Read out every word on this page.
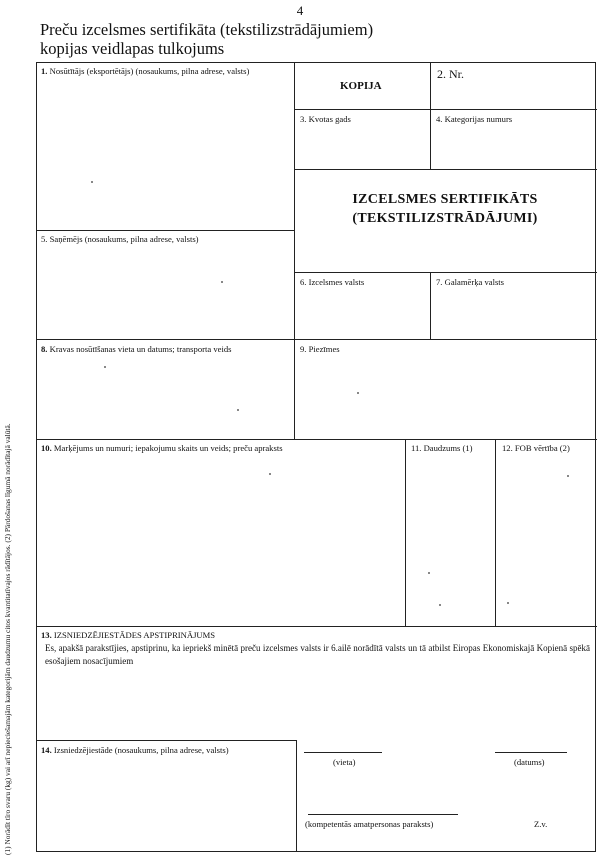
4
Preču izcelsmes sertifikāta (tekstilizstrādājumiem)
kopijas veidlapas tulkojums
1. Nosūtītājs (eksportētājs) (nosaukums, pilna adrese, valsts)
KOPIJA
2. Nr.
3. Kvotas gads	4. Kategorijas numurs
IZCELSMES SERTIFIKĀTS
(TEKSTILIZSTRĀDĀJUMI)
5. Saņēmējs (nosaukums, pilna adrese, valsts)
6. Izcelsmes valsts	7. Galamērķa valsts
8. Kravas nosūtīšanas vieta un datums; transporta veids	9. Piezīmes
10. Marķējums un numuri; iepakojumu skaits un veids; preču apraksts	11. Daudzums (1)	12. FOB vērtība (2)
13. IZSNIEDZĒJIESTĀDES APSTIPRINĀJUMS
Es, apakšā parakstījies, apstiprinu, ka iepriekš minētā preču izcelsmes valsts ir 6.ailē norādītā valsts un tā atbilst Eiropas Ekonomiskajā Kopienā spēkā esošajiem nosacījumiem
14. Izsniedzējiestāde (nosaukums, pilna adrese, valsts)
(vieta)	(datums)
(kompetentās amatpersonas paraksts)	Z.v.
(1) Norādīt tīro svaru (kg) vai arī nepieciešamajām kategorijām daudzumu citos kvantitatīvajos rādītājos. (2) Pārdošanas līgumā norādītajā valūtā.
